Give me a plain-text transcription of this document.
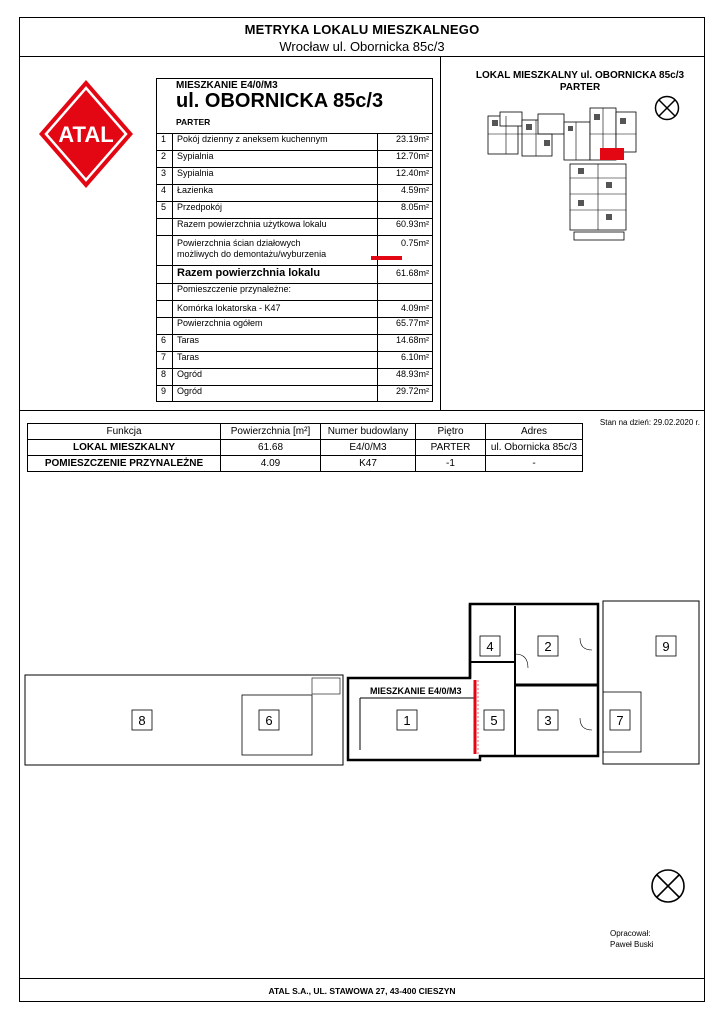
METRYKA LOKALU MIESZKALNEGO
Wrocław ul. Obornicka 85c/3
ATAL
MIESZKANIE E4/0/M3
ul. OBORNICKA 85c/3
PARTER
1	Pokój dzienny z aneksem kuchennym	23.19m²
2	Sypialnia	12.70m²
3	Sypialnia	12.40m²
4	Łazienka	4.59m²
5	Przedpokój	8.05m²
Razem powierzchnia użytkowa lokalu	60.93m²
Powierzchnia ścian działowych
możliwych do demontażu/wyburzenia
0.75m²
Razem powierzchnia lokalu	61.68m²
Pomieszczenie przynależne:
Komórka lokatorska - K47	4.09m²
Powierzchnia ogółem	65.77m²
6	Taras	14.68m²
7	Taras	6.10m²
8	Ogród	48.93m²
9	Ogród	29.72m²
LOKAL MIESZKALNY ul. OBORNICKA 85c/3
PARTER
Stan na dzień: 29.02.2020 r.
Funkcja	Powierzchnia [m²]	Numer budowlany	Piętro	Adres
LOKAL MIESZKALNY	61.68	E4/0/M3	PARTER	ul. Obornicka 85c/3
POMIESZCZENIE PRZYNALEŻNE	4.09	K47	-1	-
MIESZKANIE E4/0/M3
1
2
3
4
5
6	7
8
9
Opracował:
Paweł Buski
ATAL S.A., UL. STAWOWA 27, 43-400 CIESZYN
